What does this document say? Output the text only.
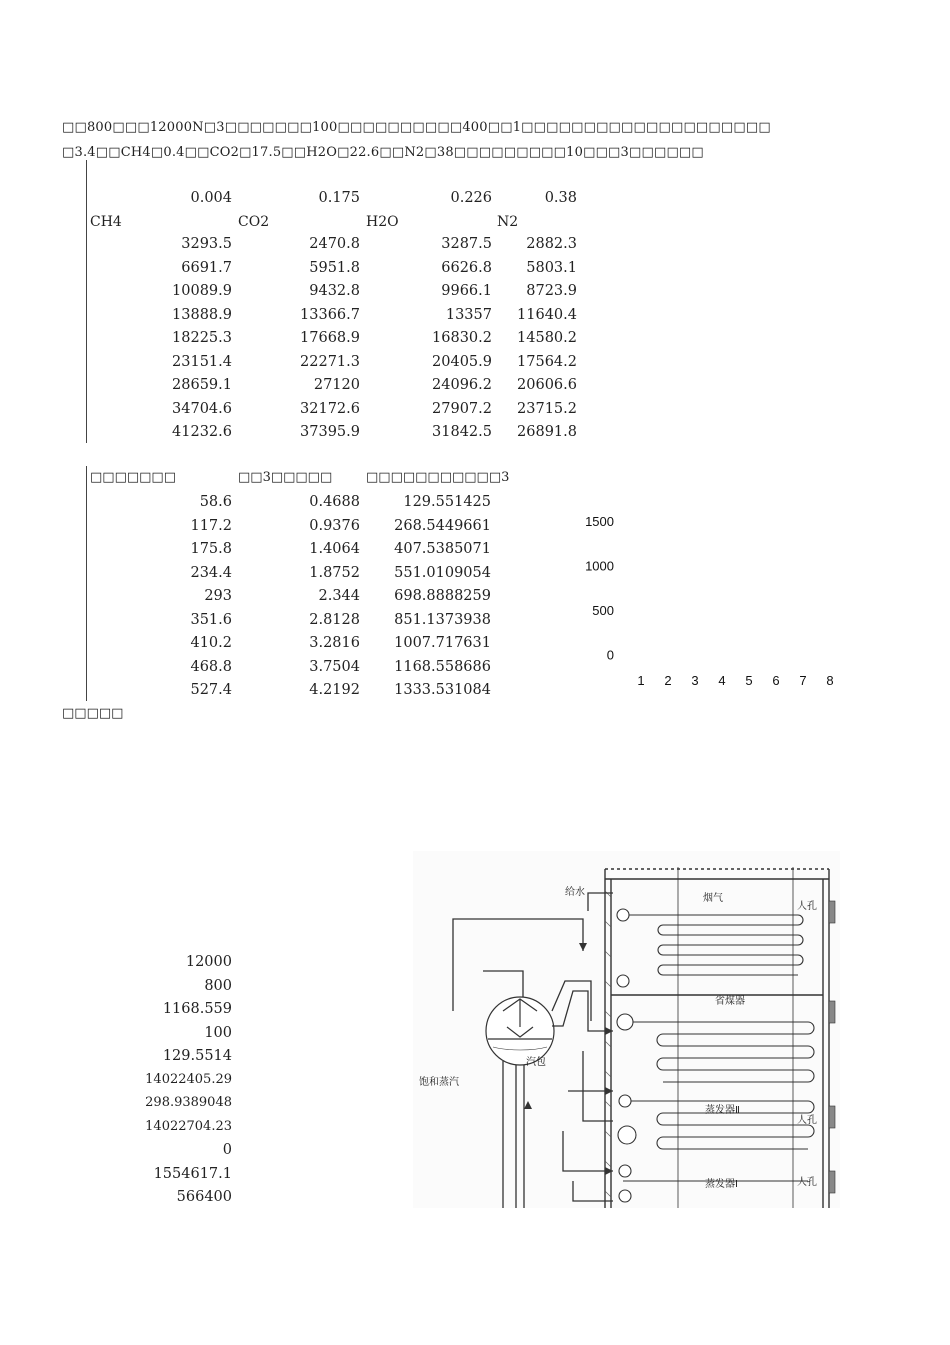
□□800□□□12000N□3□□□□□□□100□□□□□□□□□□400□□1□□□□□□□□□□□□□□□□□□□□
□3.4□□CH4□0.4□□CO2□17.5□□H2O□22.6□□N2□38□□□□□□□□□10□□□3□□□□□□
0.004	0.175	0.226	0.38
CH4	CO2	H2O	N2
3293.5	2470.8	3287.5	2882.3
6691.7	5951.8	6626.8	5803.1
10089.9	9432.8	9966.1	8723.9
13888.9	13366.7	13357	11640.4
18225.3	17668.9	16830.2	14580.2
23151.4	22271.3	20405.9	17564.2
28659.1	27120	24096.2	20606.6
34704.6	32172.6	27907.2	23715.2
41232.6	37395.9	31842.5	26891.8
□□□□□□□	□□3□□□□□	□□□□□□□□□□□3
58.6	0.4688	129.551425
117.2	0.9376	268.5449661
175.8	1.4064	407.5385071
234.4	1.8752	551.0109054
293	2.344	698.8888259
351.6	2.8128	851.1373938
410.2	3.2816	1007.717631
468.8	3.7504	1168.558686
527.4	4.2192	1333.531084
1500
1000
500
0
1 2 3 4 5 6 7 8
□□□□□
12000
800
1168.559
100
129.5514
14022405.29
298.9389048
14022704.23
0
1554617.1
566400
给水
烟气
人孔
省煤器
汽包
饱和蒸汽
蒸发器Ⅱ
人孔
蒸发器Ⅰ	人孔
